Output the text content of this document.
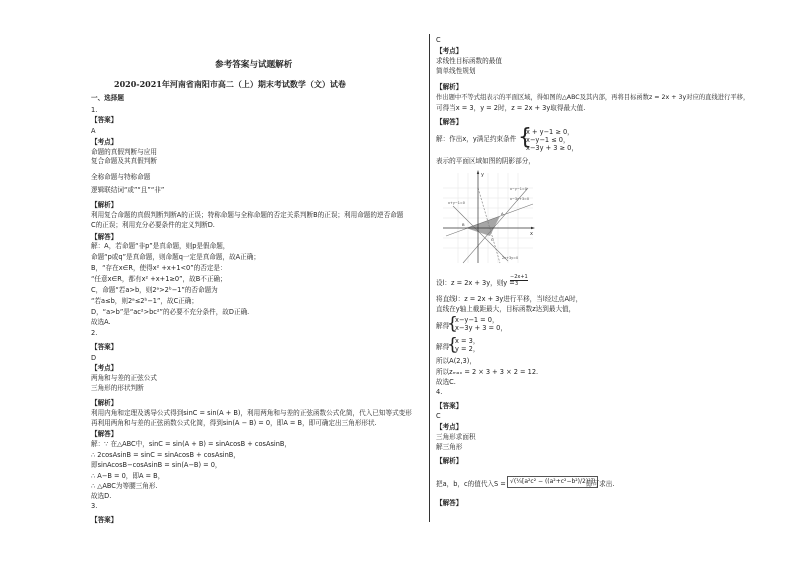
参考答案与试题解析
2020-2021年河南省南阳市高二（上）期末考试数学（文）试卷
一、选择题
1.
【答案】
A
【考点】
命题的真假判断与应用
复合命题及其真假判断
全称命题与特称命题
逻辑联结词“或”“且”“非”
【解析】
利用复合命题的真假判断判断A的正误；特称命题与全称命题的否定关系判断B的正误；利用命题的逆否命题
C的正误；利用充分必要条件的定义判断D.
【解答】
解：A，若命题“非p”是真命题，则p是假命题，
命题“p或q”是真命题，则命题q一定是真命题，故A正确；
B，“存在x∈R，使得x² +x+1<0”的否定是：
“任意x∈R，都有x² +x+1≥0”，故B不正确；
C，命题“若a>b，则2ᵃ>2ᵇ−1”的否命题为
“若a≤b，则2ᵃ≤2ᵇ−1”，故C正确；
D，“a>b”是“ac²>bc²”的必要不充分条件，故D正确.
故选A.
2.
【答案】
D
【考点】
两角和与差的正弦公式
三角形的形状判断
【解析】
利用内角和定理及诱导公式得到sinC = sin(A + B)，利用两角和与差的正弦函数公式化简，代入已知等式变形
再利用两角和与差的正弦函数公式化简，得到sin(A − B) = 0，即A = B，即可确定出三角形形状.
【解答】
解：∵ 在△ABC中，sinC = sin(A + B) = sinAcosB + cosAsinB，
∴ 2cosAsinB = sinC = sinAcosB + cosAsinB，
即sinAcosB−cosAsinB = sin(A−B) = 0，
∴ A−B = 0，即A = B，
∴ △ABC为等腰三角形.
故选D.
3.
【答案】
C
【考点】
求线性目标函数的最值
简单线性规划
【解析】
作出题中不等式组表示的平面区域，得如图的△ABC及其内部，再将目标函数z = 2x + 3y对应的直线进行平移，
可得当x = 3，y = 2时，z = 2x + 3y取得最大值.
【解答】
解：作出x，y满足约束条件 {
x + y−1 ≥ 0，
x−y−1 ≤ 0，
x−3y + 3 ≥ 0，
表示的平面区域如图的阴影部分，
y
x
x−y−1=0
x−3y+3=0
x+y−1=0
A
B
C
2x+3y=0
设l：z = 2x + 3y，则y =
−2x+1
3
将直线l：z = 2x + 3y进行平移，当l经过点A时，
直线在y轴上截距最大，目标函数z达到最大值，
解得
{
x−y−1 = 0，
x−3y + 3 = 0，
解得
{
x = 3，
y = 2，
所以A(2,3)，
所以zₘₐₓ = 2 × 3 + 3 × 2 = 12.
故选C.
4.
【答案】
C
【考点】
三角形求面积
解三角形
【解析】
把a，b，c的值代入S = √(¼[a²c² − ((a²+c²−b²)/2)²])
即可求出.
【解答】
